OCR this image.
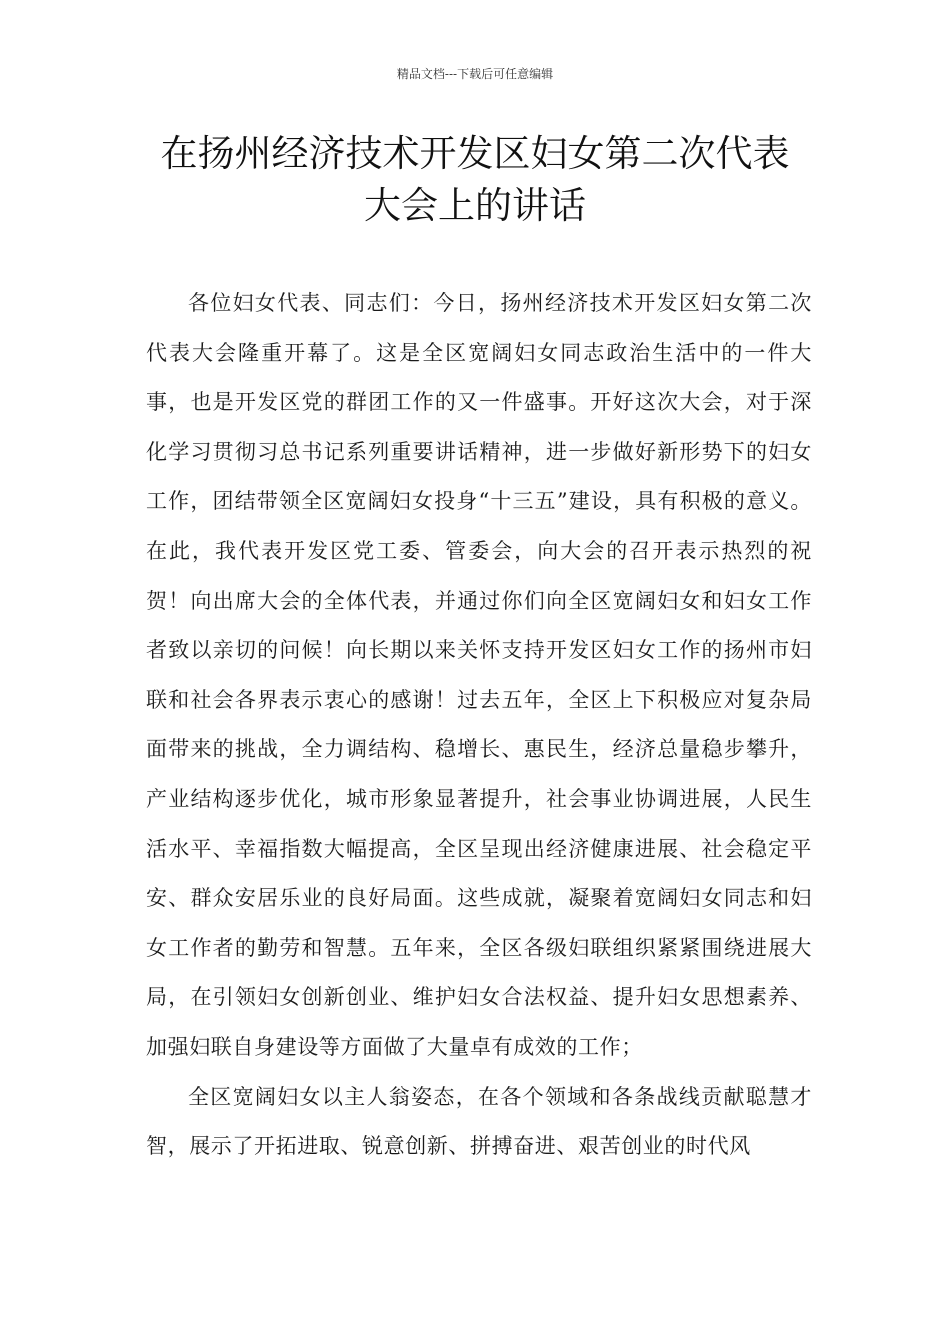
精品文档---下载后可任意编辑
在扬州经济技术开发区妇女第二次代表
大会上的讲话

各位妇女代表、同志们：今日，扬州经济技术开发区妇女第二次代表大会隆重开幕了。这是全区宽阔妇女同志政治生活中的一件大事，也是开发区党的群团工作的又一件盛事。开好这次大会，对于深化学习贯彻习总书记系列重要讲话精神，进一步做好新形势下的妇女工作，团结带领全区宽阔妇女投身“十三五”建设，具有积极的意义。在此，我代表开发区党工委、管委会，向大会的召开表示热烈的祝贺！向出席大会的全体代表，并通过你们向全区宽阔妇女和妇女工作者致以亲切的问候！向长期以来关怀支持开发区妇女工作的扬州市妇联和社会各界表示衷心的感谢！过去五年，全区上下积极应对复杂局面带来的挑战，全力调结构、稳增长、惠民生，经济总量稳步攀升，产业结构逐步优化，城市形象显著提升，社会事业协调进展，人民生活水平、幸福指数大幅提高，全区呈现出经济健康进展、社会稳定平安、群众安居乐业的良好局面。这些成就，凝聚着宽阔妇女同志和妇女工作者的勤劳和智慧。五年来，全区各级妇联组织紧紧围绕进展大局，在引领妇女创新创业、维护妇女合法权益、提升妇女思想素养、加强妇联自身建设等方面做了大量卓有成效的工作；

全区宽阔妇女以主人翁姿态，在各个领域和各条战线贡献聪慧才智，展示了开拓进取、锐意创新、拼搏奋进、艰苦创业的时代风
